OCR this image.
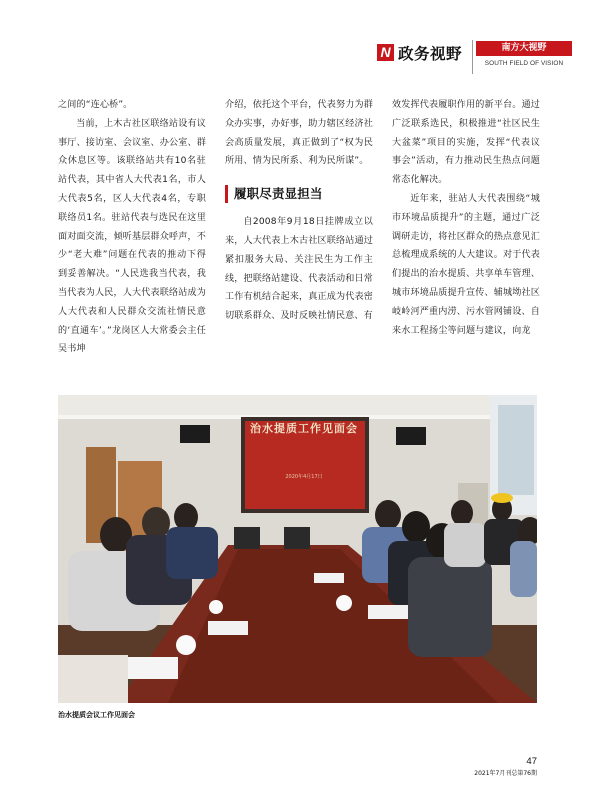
N 政务视野	南方大视野
SOUTH FIELD OF VISION

之间的“连心桥”。

当前，上木古社区联络站设有议事厅、接访室、会议室、办公室、群众休息区等。该联络站共有10名驻站代表，其中省人大代表1名，市人大代表5名，区人大代表4名，专职联络员1名。驻站代表与选民在这里面对面交流，倾听基层群众呼声，不少“老大难”问题在代表的推动下得到妥善解决。“人民选我当代表，我当代表为人民，人大代表联络站成为人大代表和人民群众交流社情民意的‘直通车’。”龙岗区人大常委会主任吴书坤

介绍，依托这个平台，代表努力为群众办实事，办好事，助力辖区经济社会高质量发展，真正做到了“权为民所用、情为民所系、利为民所谋”。

履职尽责显担当

自2008年9月18日挂牌成立以来，人大代表上木古社区联络站通过紧扣服务大局、关注民生为工作主线，把联络站建设、代表活动和日常工作有机结合起来，真正成为代表密切联系群众、及时反映社情民意、有

效发挥代表履职作用的新平台。通过广泛联系选民，积极推进“社区民生大盆菜”项目的实施，发挥“代表议事会”活动，有力推动民生热点问题常态化解决。

近年来，驻站人大代表围绕“城市环境品质提升”的主题，通过广泛调研走访，将社区群众的热点意见汇总梳理成系统的人大建议。对于代表们提出的治水提质、共享单车管理、城市环境品质提升宣传、辅城坳社区岐岭河严重内涝、污水管网铺设、自来水工程扬尘等问题与建议，向龙

治水提质工作见面会
2020年4月17日
治水提质会议工作见面会
47
2021年7月刊总第76期
